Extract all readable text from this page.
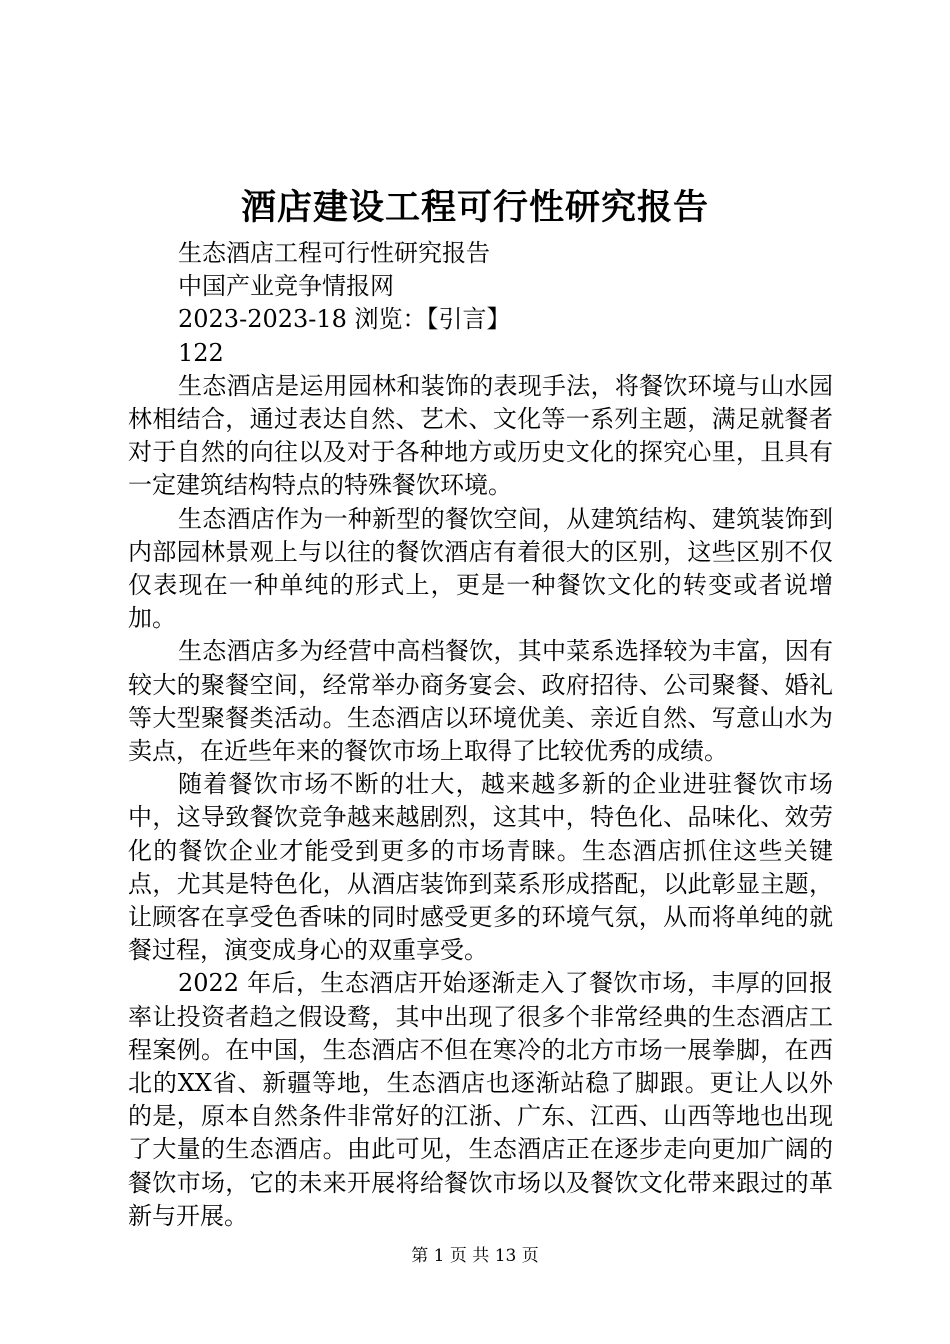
酒店建设工程可行性研究报告
生态酒店工程可行性研究报告
中国产业竞争情报网
2023-2023-18 浏览：【引言】
122

生态酒店是运用园林和装饰的表现手法，将餐饮环境与山水园林相结合，通过表达自然、艺术、文化等一系列主题，满足就餐者对于自然的向往以及对于各种地方或历史文化的探究心里，且具有一定建筑结构特点的特殊餐饮环境。

生态酒店作为一种新型的餐饮空间，从建筑结构、建筑装饰到内部园林景观上与以往的餐饮酒店有着很大的区别，这些区别不仅仅表现在一种单纯的形式上，更是一种餐饮文化的转变或者说增加。

生态酒店多为经营中高档餐饮，其中菜系选择较为丰富，因有较大的聚餐空间，经常举办商务宴会、政府招待、公司聚餐、婚礼等大型聚餐类活动。生态酒店以环境优美、亲近自然、写意山水为卖点，在近些年来的餐饮市场上取得了比较优秀的成绩。

随着餐饮市场不断的壮大，越来越多新的企业进驻餐饮市场中，这导致餐饮竞争越来越剧烈，这其中，特色化、品味化、效劳化的餐饮企业才能受到更多的市场青睐。生态酒店抓住这些关键点，尤其是特色化，从酒店装饰到菜系形成搭配，以此彰显主题，让顾客在享受色香味的同时感受更多的环境气氛，从而将单纯的就餐过程，演变成身心的双重享受。

2022 年后，生态酒店开始逐渐走入了餐饮市场，丰厚的回报率让投资者趋之假设鹜，其中出现了很多个非常经典的生态酒店工程案例。在中国，生态酒店不但在寒冷的北方市场一展拳脚，在西北的XX省、新疆等地，生态酒店也逐渐站稳了脚跟。更让人以外的是，原本自然条件非常好的江浙、广东、江西、山西等地也出现了大量的生态酒店。由此可见，生态酒店正在逐步走向更加广阔的餐饮市场，它的未来开展将给餐饮市场以及餐饮文化带来跟过的革新与开展。

第 1 页 共 13 页
